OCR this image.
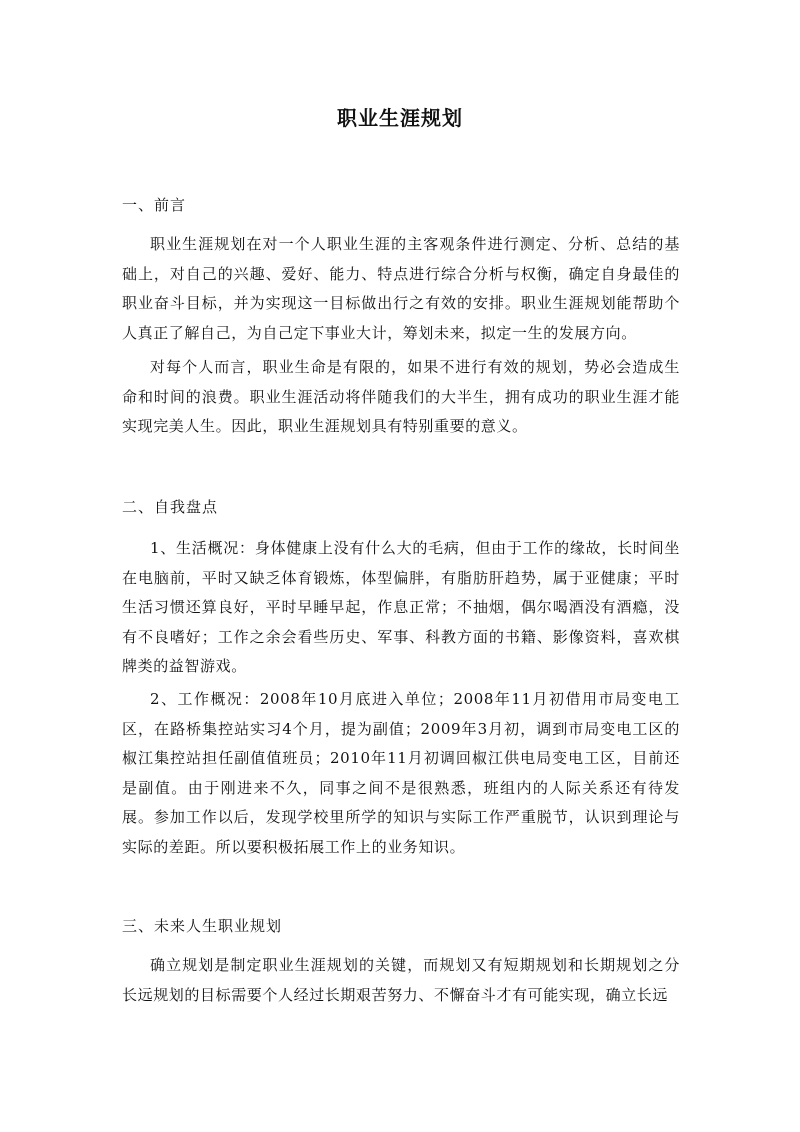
职业生涯规划
一、前言

职业生涯规划在对一个人职业生涯的主客观条件进行测定、分析、总结的基础上，对自己的兴趣、爱好、能力、特点进行综合分析与权衡，确定自身最佳的职业奋斗目标，并为实现这一目标做出行之有效的安排。职业生涯规划能帮助个人真正了解自己，为自己定下事业大计，筹划未来，拟定一生的发展方向。

对每个人而言，职业生命是有限的，如果不进行有效的规划，势必会造成生命和时间的浪费。职业生涯活动将伴随我们的大半生，拥有成功的职业生涯才能实现完美人生。因此，职业生涯规划具有特别重要的意义。

二、自我盘点

1、生活概况：身体健康上没有什么大的毛病，但由于工作的缘故，长时间坐在电脑前，平时又缺乏体育锻炼，体型偏胖，有脂肪肝趋势，属于亚健康；平时生活习惯还算良好，平时早睡早起，作息正常；不抽烟，偶尔喝酒没有酒瘾，没有不良嗜好；工作之余会看些历史、军事、科教方面的书籍、影像资料，喜欢棋牌类的益智游戏。

2、工作概况：2008年10月底进入单位；2008年11月初借用市局变电工区，在路桥集控站实习4个月，提为副值；2009年3月初，调到市局变电工区的椒江集控站担任副值值班员；2010年11月初调回椒江供电局变电工区，目前还是副值。由于刚进来不久，同事之间不是很熟悉，班组内的人际关系还有待发展。参加工作以后，发现学校里所学的知识与实际工作严重脱节，认识到理论与实际的差距。所以要积极拓展工作上的业务知识。

三、未来人生职业规划

确立规划是制定职业生涯规划的关键，而规划又有短期规划和长期规划之分长远规划的目标需要个人经过长期艰苦努力、不懈奋斗才有可能实现，确立长远
